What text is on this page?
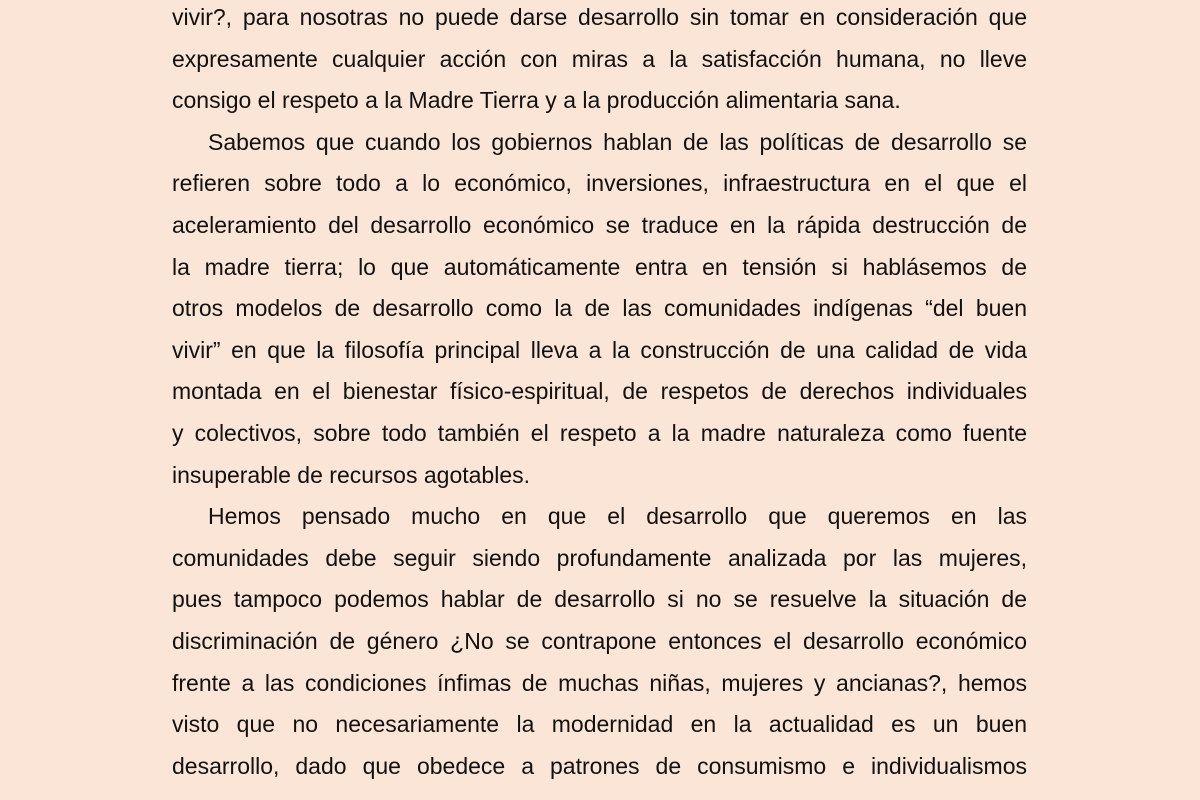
vivir?, para nosotras no puede darse desarrollo sin tomar en consideración que
expresamente cualquier acción con miras a la satisfacción humana, no lleve
consigo el respeto a la Madre Tierra y a la producción alimentaria sana.

Sabemos que cuando los gobiernos hablan de las políticas de desarrollo se
refieren sobre todo a lo económico, inversiones, infraestructura en el que el
aceleramiento del desarrollo económico se traduce en la rápida destrucción de
la madre tierra; lo que automáticamente entra en tensión si hablásemos de
otros modelos de desarrollo como la de las comunidades indígenas “del buen
vivir” en que la filosofía principal lleva a la construcción de una calidad de vida
montada en el bienestar físico-espiritual, de respetos de derechos individuales
y colectivos, sobre todo también el respeto a la madre naturaleza como fuente
insuperable de recursos agotables.

Hemos pensado mucho en que el desarrollo que queremos en las
comunidades debe seguir siendo profundamente analizada por las mujeres,
pues tampoco podemos hablar de desarrollo si no se resuelve la situación de
discriminación de género ¿No se contrapone entonces el desarrollo económico
frente a las condiciones ínfimas de muchas niñas, mujeres y ancianas?, hemos
visto que no necesariamente la modernidad en la actualidad es un buen
desarrollo, dado que obedece a patrones de consumismo e individualismos
